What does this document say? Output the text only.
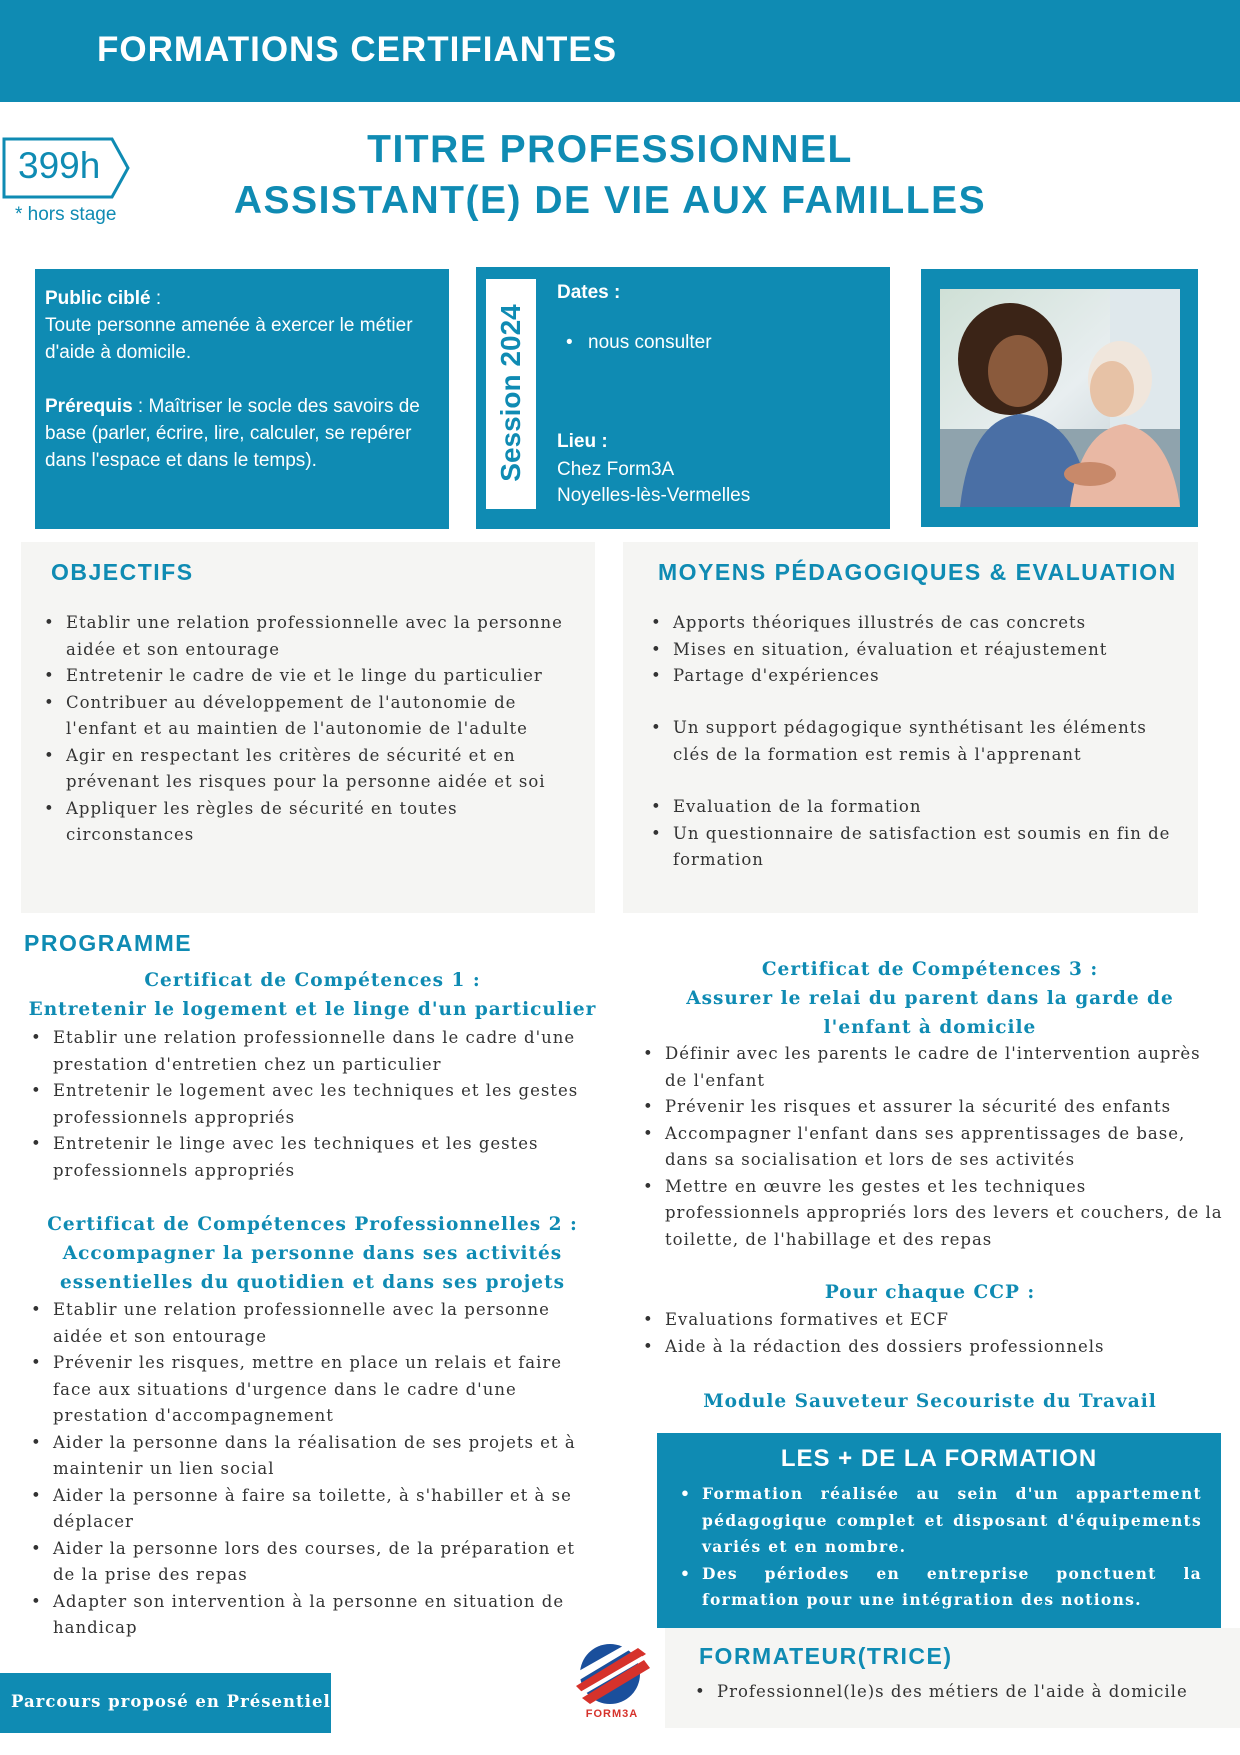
FORMATIONS CERTIFIANTES
399h
* hors stage
TITRE PROFESSIONNEL
ASSISTANT(E) DE VIE AUX FAMILLES

Public ciblé :
Toute personne amenée à exercer le métier d'aide à domicile.

Prérequis : Maîtriser le socle des savoirs de base (parler, écrire, lire, calculer, se repérer dans l'espace et dans le temps).	Session 2024
Dates :
• nous consulter
Lieu :
Chez Form3A
Noyelles-lès-Vermelles
OBJECTIFS
• Etablir une relation professionnelle avec la personne aidée et son entourage
• Entretenir le cadre de vie et le linge du particulier
• Contribuer au développement de l'autonomie de l'enfant et au maintien de l'autonomie de l'adulte
• Agir en respectant les critères de sécurité et en prévenant les risques pour la personne aidée et soi
• Appliquer les règles de sécurité en toutes circonstances
MOYENS PÉDAGOGIQUES & EVALUATION
• Apports théoriques illustrés de cas concrets
• Mises en situation, évaluation et réajustement
• Partage d'expériences
• Un support pédagogique synthétisant les éléments clés de la formation est remis à l'apprenant
• Evaluation de la formation
• Un questionnaire de satisfaction est soumis en fin de formation
PROGRAMME
Certificat de Compétences 1 :
Entretenir le logement et le linge d'un particulier
• Etablir une relation professionnelle dans le cadre d'une prestation d'entretien chez un particulier
• Entretenir le logement avec les techniques et les gestes professionnels appropriés
• Entretenir le linge avec les techniques et les gestes professionnels appropriés
Certificat de Compétences Professionnelles 2 :
Accompagner la personne dans ses activités
essentielles du quotidien et dans ses projets
• Etablir une relation professionnelle avec la personne aidée et son entourage
• Prévenir les risques, mettre en place un relais et faire face aux situations d'urgence dans le cadre d'une prestation d'accompagnement
• Aider la personne dans la réalisation de ses projets et à maintenir un lien social
• Aider la personne à faire sa toilette, à s'habiller et à se déplacer
• Aider la personne lors des courses, de la préparation et de la prise des repas
• Adapter son intervention à la personne en situation de handicap
Certificat de Compétences 3 :
Assurer le relai du parent dans la garde de l'enfant à domicile
• Définir avec les parents le cadre de l'intervention auprès de l'enfant
• Prévenir les risques et assurer la sécurité des enfants
• Accompagner l'enfant dans ses apprentissages de base, dans sa socialisation et lors de ses activités
• Mettre en œuvre les gestes et les techniques professionnels appropriés lors des levers et couchers, de la toilette, de l'habillage et des repas
Pour chaque CCP :
• Evaluations formatives et ECF
• Aide à la rédaction des dossiers professionnels
Module Sauveteur Secouriste du Travail
LES + DE LA FORMATION
• Formation réalisée au sein d'un appartement pédagogique complet et disposant d'équipements variés et en nombre.
• Des périodes en entreprise ponctuent la formation pour une intégration des notions.
FORMATEUR(TRICE)
• Professionnel(le)s des métiers de l'aide à domicile
Parcours proposé en Présentiel
FORM3A
